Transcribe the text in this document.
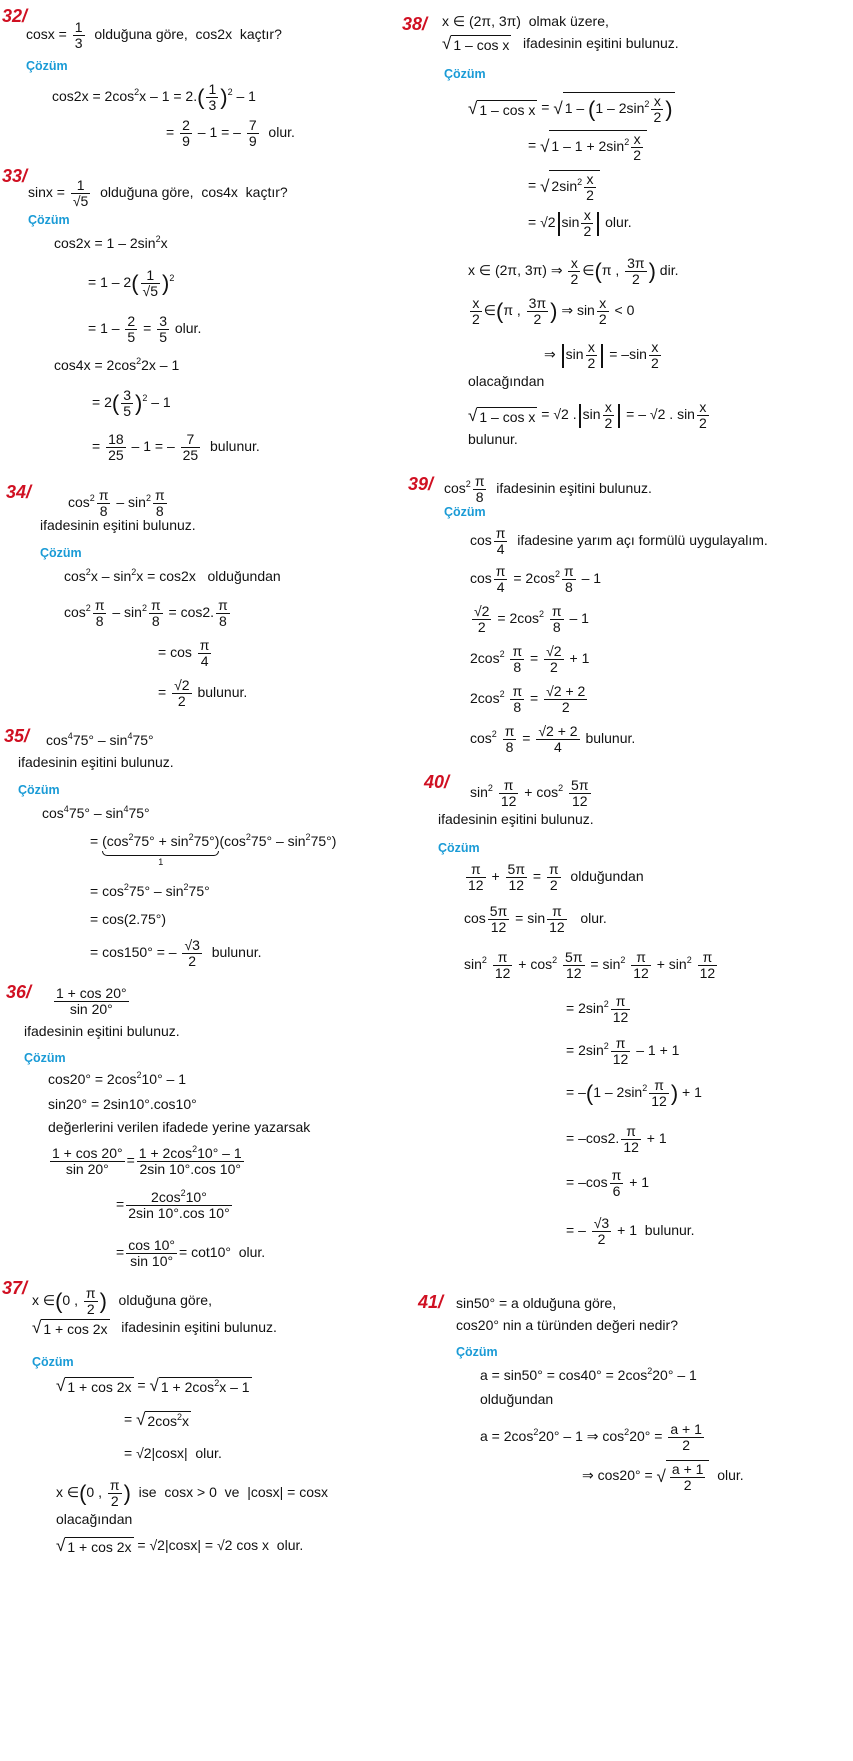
32/
$\cos x = \frac{1}{3}$ olduğuna göre,  cos2x  kaçtır?
Çözüm
$\cos 2x = 2\cos^2x - 1 = 2.( \frac{1}{3} )^2 - 1$
= $\frac{2}{9} - 1$ = – $\frac{7}{9}$ olur.
33/
$\sin x = \frac{1}{√5}$ olduğuna göre,  cos4x  kaçtır?
Çözüm
$\cos 2x = 1 - 2\sin^2x$
= $1 - 2( \frac{1}{√5} )^2$
= $1 - \frac{2}{5} = \frac{3}{5}$ olur.
$\cos 4x = 2\cos^22x - 1$
= $2( \frac{3}{5} )^2 - 1$
= $\frac{18}{25} - 1$ = – $\frac{7}{25}$ bulunur.
34/
$\cos^2 \frac{\pi}{8} - \sin^2 \frac{\pi}{8}$
ifadesinin eşitini bulunuz.
Çözüm
$\cos^2x - \sin^2x = \cos 2x$   olduğundan
$\cos^2 \frac{\pi}{8} - \sin^2 \frac{\pi}{8} = \cos 2$. $\frac{\pi}{8}$
= $\cos \frac{\pi}{4}$
= $\frac{√2}{2}$ bulunur.
35/ $\cos^475^\circ - \sin^475^\circ$
ifadesinin eşitini bulunuz.
Çözüm
$\cos^475^\circ - \sin^475^\circ$
= $(\cos^275^\circ + \sin^275^\circ)$
1
$(\cos^275^\circ - \sin^275^\circ)$
= $\cos^275^\circ - \sin^275^\circ$
= cos(2.75°)
= cos150° = – $\frac{√3}{2}$ bulunur.
$36/ \frac{1 + \cos 20^\circ}{\sin 20^\circ}$
ifadesinin eşitini bulunuz.
Çözüm
$\cos 20^\circ = 2\cos^210^\circ - 1$
sin20° = 2sin10°.cos10°
değerlerini verilen ifadede yerine yazarsak
$\frac{1 + \cos 20^\circ}{\sin 20^\circ} = \frac{1 + 2\cos^210^\circ - 1}{2\sin 10^\circ.\cos 10^\circ}$
= $\frac{2\cos^210^\circ}{2\sin 10^\circ.\cos 10^\circ}$
= $\frac{\cos 10^\circ}{\sin 10^\circ} = \cot 10^\circ$  olur.
37/
x ∈(0 , $\frac{\pi}{2}$ )   olduğuna göre,
√ 1 + cos 2x   ifadesinin eşitini bulunuz.
Çözüm
√ 1 + cos 2x = √ $1 + 2\cos^2x - 1$
= √ $2\cos^2x$
= √2|cosx|  olur.
x ∈(0 , $\frac{\pi}{2}$ )  ise  cosx > 0  ve  |cosx| = cosx
olacağından
√ 1 + cos 2x = √2|cosx| = √2 cos x  olur.
38/ x ∈ (2π, 3π)  olmak üzere,
√ 1 – cos x   ifadesinin eşitini bulunuz.
Çözüm
√ 1 – cos x = √ $1 - (1 - 2\sin^2 \frac{x}{2}$ )
= √ $1 - 1 + 2\sin^2 \frac{x}{2}$
= √ $2\sin^2 \frac{x}{2}$
= √2 $\sin \frac{x}{2}$ olur.
x ∈ (2π, 3π) ⇒ $\frac{x}{2}$ ∈(π , $\frac{3\pi}{2}$ ) dir.
$\frac{x}{2}$ ∈(π , $\frac{3\pi}{2}$ ) ⇒ $\sin \frac{x}{2} < 0$
⇒ $\sin \frac{x}{2} = -\sin \frac{x}{2}$
olacağından
√ 1 – cos x = √2 . $\sin \frac{x}{2}$ = – √2 . $\sin \frac{x}{2}$
bulunur.
39/ $\cos^2 \frac{\pi}{8}$ ifadesinin eşitini bulunuz.
Çözüm
$\cos \frac{\pi}{4}$ ifadesine yarım açı formülü uygulayalım.
$\cos \frac{\pi}{4} = 2\cos^2 \frac{\pi}{8} - 1$
$\frac{√2}{2} = 2\cos^2 \frac{\pi}{8} - 1$
$2\cos^2 \frac{\pi}{8} = \frac{√2}{2} + 1$
$2\cos^2 \frac{\pi}{8} = \frac{√2 + 2}{2}$
$\cos^2 \frac{\pi}{8} = \frac{√2 + 2}{4}$ bulunur.
40/
$\sin^2 \frac{\pi}{12} + \cos^2 \frac{5\pi}{12}$
ifadesinin eşitini bulunuz.
Çözüm
$\frac{\pi}{12} + \frac{5\pi}{12} = \frac{\pi}{2}$ olduğundan
$\cos \frac{5\pi}{12} = \sin \frac{\pi}{12}$ olur.
$\sin^2 \frac{\pi}{12} + \cos^2 \frac{5\pi}{12} = \sin^2 \frac{\pi}{12} + \sin^2 \frac{\pi}{12}$
= $2\sin^2 \frac{\pi}{12}$
= $2\sin^2 \frac{\pi}{12} - 1 + 1$
= $-(1 - 2\sin^2 \frac{\pi}{12}$ ) + 1
= –cos2. $\frac{\pi}{12} + 1$
= $-\cos \frac{\pi}{6} + 1$
= – $\frac{√3}{2} + 1$  bulunur.
41/ sin50° = a olduğuna göre,
cos20° nin a türünden değeri nedir?
Çözüm
$a = \sin 50^\circ = \cos 40^\circ = 2\cos^220^\circ - 1$
olduğundan
$a = 2\cos^220^\circ - 1$ ⇒ $\cos^220^\circ = \frac{a + 1}{2}$
⇒ cos20° = √ $\frac{a + 1}{2}$ olur.
